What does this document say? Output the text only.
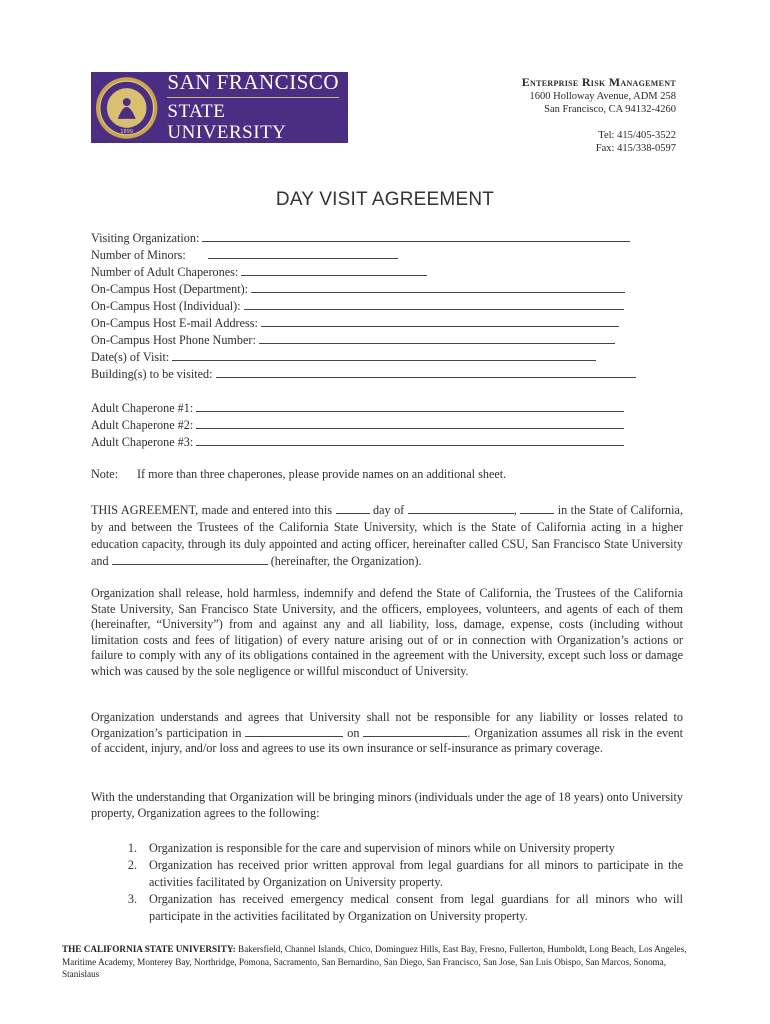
1899
SAN FRANCISCO
STATE UNIVERSITY
Enterprise Risk Management
1600 Holloway Avenue, ADM 258
San Francisco, CA 94132-4260
Tel: 415/405-3522
Fax: 415/338-0597
DAY VISIT AGREEMENT
Visiting Organization:
Number of Minors:
Number of Adult Chaperones:
On-Campus Host (Department):
On-Campus Host (Individual):
On-Campus Host E-mail Address:
On-Campus Host Phone Number:
Date(s) of Visit:
Building(s) to be visited:
Adult Chaperone #1:
Adult Chaperone #2:
Adult Chaperone #3:
Note:	If more than three chaperones, please provide names on an additional sheet.

THIS AGREEMENT, made and entered into this	day of	,	in the State of California, by and between the Trustees of the California State University, which is the State of California acting in a higher education capacity, through its duly appointed and acting officer, hereinafter called CSU, San Francisco State University and	(hereinafter, the Organization).

Organization shall release, hold harmless, indemnify and defend the State of California, the Trustees of the California State University, San Francisco State University, and the officers, employees, volunteers, and agents of each of them (hereinafter, “University”) from and against any and all liability, loss, damage, expense, costs (including without limitation costs and fees of litigation) of every nature arising out of or in connection with Organization’s actions or failure to comply with any of its obligations contained in the agreement with the University, except such loss or damage which was caused by the sole negligence or willful misconduct of University.

Organization understands and agrees that University shall not be responsible for any liability or losses related to Organization’s participation in	on	. Organization assumes all risk in the event of accident, injury, and/or loss and agrees to use its own insurance or self-insurance as primary coverage.

With the understanding that Organization will be bringing minors (individuals under the age of 18 years) onto University property, Organization agrees to the following:

1. Organization is responsible for the care and supervision of minors while on University property
2. Organization has received prior written approval from legal guardians for all minors to participate in the activities facilitated by Organization on University property.
3. Organization has received emergency medical consent from legal guardians for all minors who will participate in the activities facilitated by Organization on University property.
THE CALIFORNIA STATE UNIVERSITY: Bakersfield, Channel Islands, Chico, Dominguez Hills, East Bay, Fresno, Fullerton, Humboldt, Long Beach, Los Angeles, Maritime Academy, Monterey Bay, Northridge, Pomona, Sacramento, San Bernardino, San Diego, San Francisco, San Jose, San Luis Obispo, San Marcos, Sonoma, Stanislaus
